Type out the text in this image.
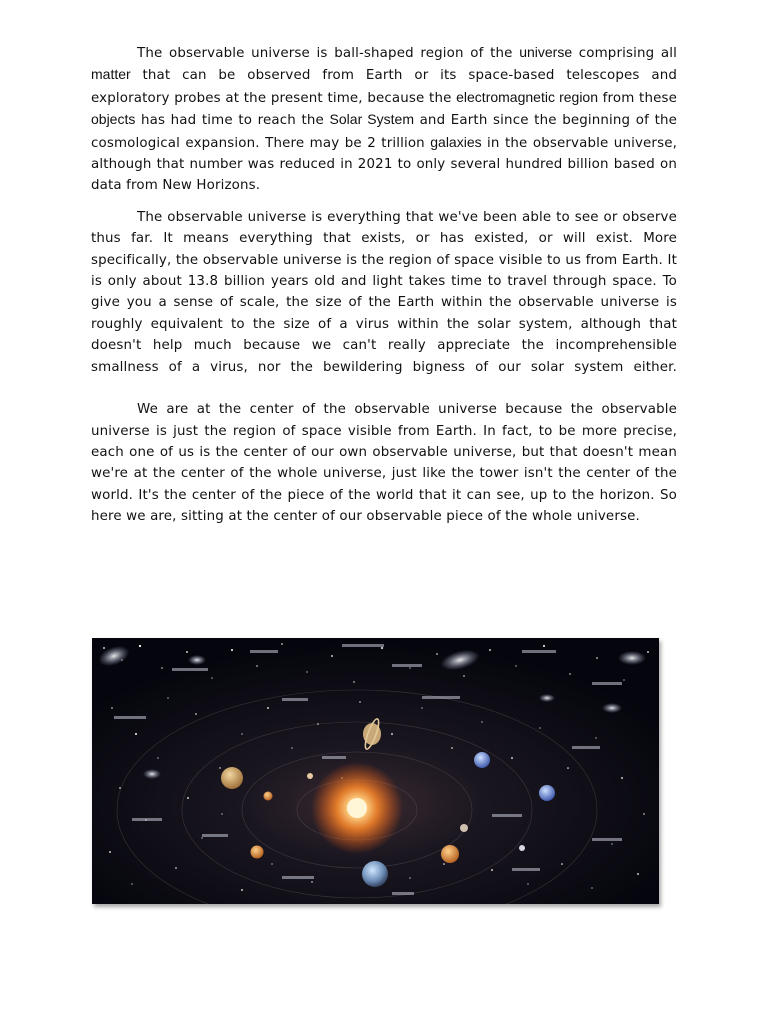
The observable universe is ball-shaped region of the universe comprising all matter that can be observed from Earth or its space-based telescopes and exploratory probes at the present time, because the electromagnetic region from these objects has had time to reach the Solar System and Earth since the beginning of the cosmological expansion. There may be 2 trillion galaxies in the observable universe, although that number was reduced in 2021 to only several hundred billion based on data from New Horizons.

The observable universe is everything that we've been able to see or observe thus far. It means everything that exists, or has existed, or will exist. More specifically, the observable universe is the region of space visible to us from Earth. It is only about 13.8 billion years old and light takes time to travel through space. To give you a sense of scale, the size of the Earth within the observable universe is roughly equivalent to the size of a virus within the solar system, although that doesn't help much because we can't really appreciate the incomprehensible smallness of a virus, nor the bewildering bigness of our solar system either.

We are at the center of the observable universe because the observable universe is just the region of space visible from Earth. In fact, to be more precise, each one of us is the center of our own observable universe, but that doesn't mean we're at the center of the whole universe, just like the tower isn't the center of the world. It's the center of the piece of the world that it can see, up to the horizon. So here we are, sitting at the center of our observable piece of the whole universe.
